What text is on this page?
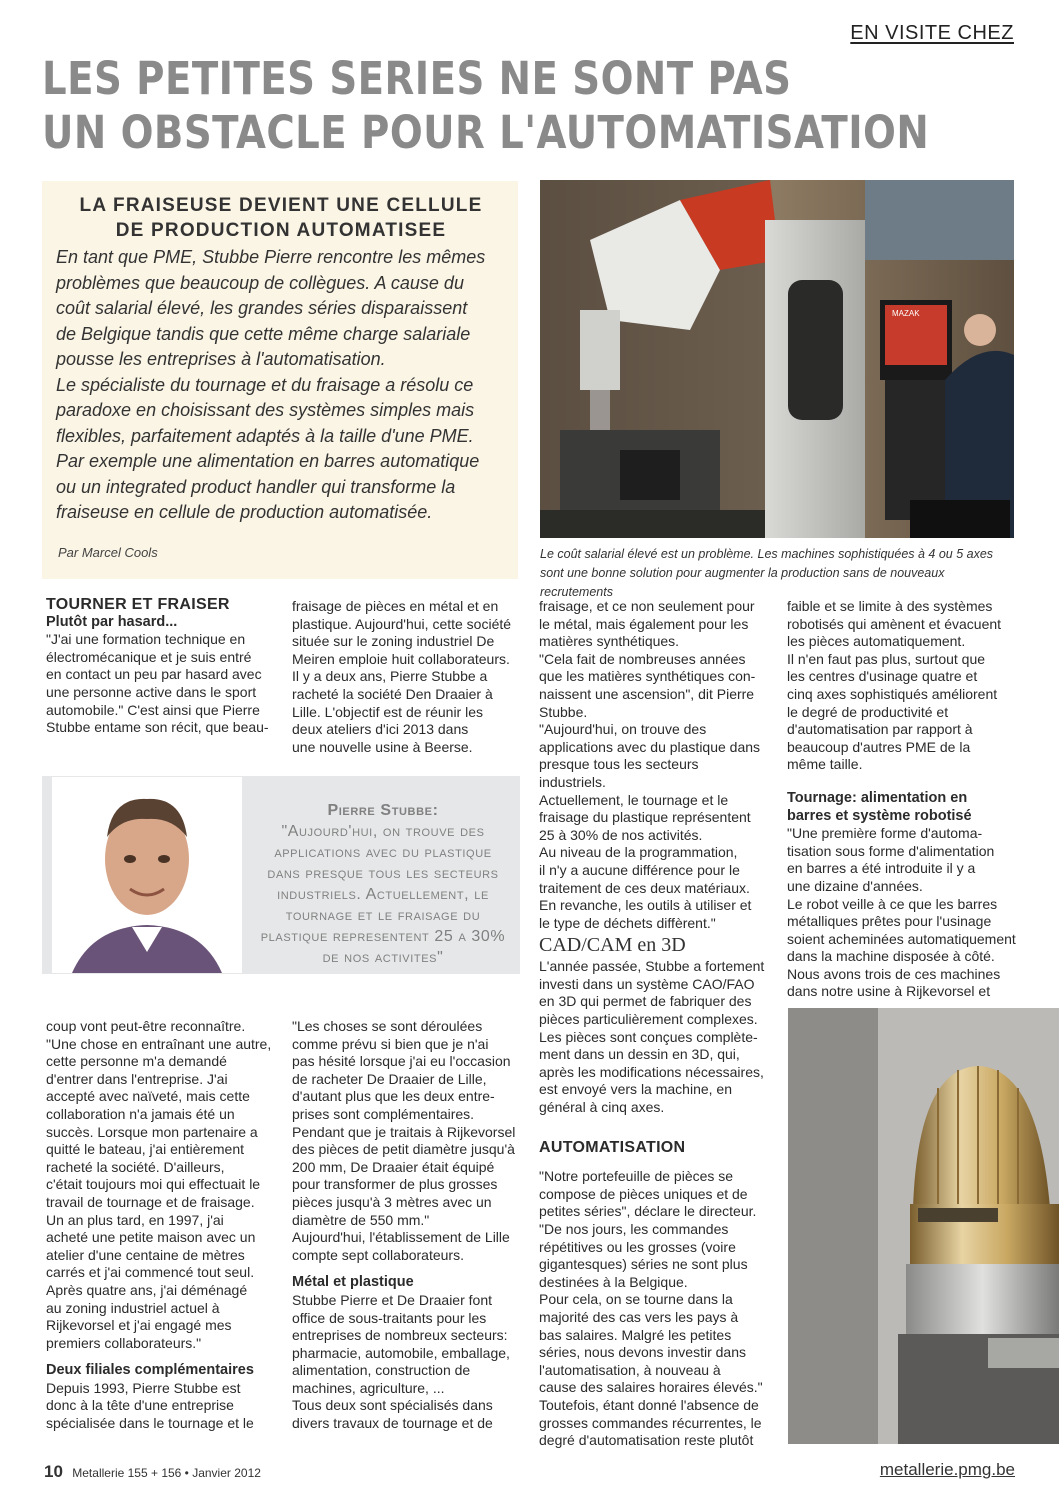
EN VISITE CHEZ
LES PETITES SERIES NE SONT PAS
UN OBSTACLE POUR L'AUTOMATISATION

LA FRAISEUSE DEVIENT UNE CELLULE
DE PRODUCTION AUTOMATISEE

En tant que PME, Stubbe Pierre rencontre les mêmes
problèmes que beaucoup de collègues. A cause du
coût salarial élevé, les grandes séries disparaissent
de Belgique tandis que cette même charge salariale
pousse les entreprises à l'automatisation.
Le spécialiste du tournage et du fraisage a résolu ce
paradoxe en choisissant des systèmes simples mais
flexibles, parfaitement adaptés à la taille d'une PME.
Par exemple une alimentation en barres automatique
ou un integrated product handler qui transforme la
fraiseuse en cellule de production automatisée.

Par Marcel Cools
MAZAK
Le coût salarial élevé est un problème. Les machines sophistiquées à 4 ou 5 axes sont une bonne solution pour augmenter la production sans de nouveaux recrutements

TOURNER ET FRAISER

Plutôt par hasard...

"J'ai une formation technique en
électromécanique et je suis entré
en contact un peu par hasard avec
une personne active dans le sport
automobile." C'est ainsi que Pierre
Stubbe entame son récit, que beau-

fraisage de pièces en métal et en
plastique. Aujourd'hui, cette société
située sur le zoning industriel De
Meiren emploie huit collaborateurs.
Il y a deux ans, Pierre Stubbe a
racheté la société Den Draaier à
Lille. L'objectif est de réunir les
deux ateliers d'ici 2013 dans
une nouvelle usine à Beerse.

Pierre Stubbe:
"Aujourd'hui, on trouve des applications avec du plastique dans presque tous les secteurs industriels. Actuellement, le tournage et le fraisage du plastique representent 25 a 30% de nos activites"

coup vont peut-être reconnaître.
"Une chose en entraînant une autre,
cette personne m'a demandé
d'entrer dans l'entreprise. J'ai
accepté avec naïveté, mais cette
collaboration n'a jamais été un
succès. Lorsque mon partenaire a
quitté le bateau, j'ai entièrement
racheté la société. D'ailleurs,
c'était toujours moi qui effectuait le
travail de tournage et de fraisage.
Un an plus tard, en 1997, j'ai
acheté une petite maison avec un
atelier d'une centaine de mètres
carrés et j'ai commencé tout seul.
Après quatre ans, j'ai déménagé
au zoning industriel actuel à
Rijkevorsel et j'ai engagé mes
premiers collaborateurs."

Deux filiales complémentaires

Depuis 1993, Pierre Stubbe est
donc à la tête d'une entreprise
spécialisée dans le tournage et le

"Les choses se sont déroulées
comme prévu si bien que je n'ai
pas hésité lorsque j'ai eu l'occasion
de racheter De Draaier de Lille,
d'autant plus que les deux entre-
prises sont complémentaires.
Pendant que je traitais à Rijkevorsel
des pièces de petit diamètre jusqu'à
200 mm, De Draaier était équipé
pour transformer de plus grosses
pièces jusqu'à 3 mètres avec un
diamètre de 550 mm."
Aujourd'hui, l'établissement de Lille
compte sept collaborateurs.

Métal et plastique

Stubbe Pierre et De Draaier font
office de sous-traitants pour les
entreprises de nombreux secteurs:
pharmacie, automobile, emballage,
alimentation, construction de
machines, agriculture, ...
Tous deux sont spécialisés dans
divers travaux de tournage et de

fraisage, et ce non seulement pour
le métal, mais également pour les
matières synthétiques.
"Cela fait de nombreuses années
que les matières synthétiques con-
naissent une ascension", dit Pierre
Stubbe.
"Aujourd'hui, on trouve des
applications avec du plastique dans
presque tous les secteurs industriels.
Actuellement, le tournage et le
fraisage du plastique représentent
25 à 30% de nos activités.
Au niveau de la programmation,
il n'y a aucune différence pour le
traitement de ces deux matériaux.
En revanche, les outils à utiliser et
le type de déchets diffèrent."

CAD/CAM en 3D

L'année passée, Stubbe a fortement
investi dans un système CAO/FAO
en 3D qui permet de fabriquer des
pièces particulièrement complexes.
Les pièces sont conçues complète-
ment dans un dessin en 3D, qui,
après les modifications nécessaires,
est envoyé vers la machine, en
général à cinq axes.

AUTOMATISATION

"Notre portefeuille de pièces se
compose de pièces uniques et de
petites séries", déclare le directeur.
"De nos jours, les commandes
répétitives ou les grosses (voire
gigantesques) séries ne sont plus
destinées à la Belgique.
Pour cela, on se tourne dans la
majorité des cas vers les pays à
bas salaires. Malgré les petites
séries, nous devons investir dans
l'automatisation, à nouveau à
cause des salaires horaires élevés."
Toutefois, étant donné l'absence de
grosses commandes récurrentes, le
degré d'automatisation reste plutôt

faible et se limite à des systèmes
robotisés qui amènent et évacuent
les pièces automatiquement.
Il n'en faut pas plus, surtout que
les centres d'usinage quatre et
cinq axes sophistiqués améliorent
le degré de productivité et
d'automatisation par rapport à
beaucoup d'autres PME de la
même taille.

Tournage: alimentation en
barres et système robotisé

"Une première forme d'automa-
tisation sous forme d'alimentation
en barres a été introduite il y a
une dizaine d'années.
Le robot veille à ce que les barres
métalliques prêtes pour l'usinage
soient acheminées automatiquement
dans la machine disposée à côté.
Nous avons trois de ces machines
dans notre usine à Rijkevorsel et

10 Metallerie 155 + 156 • Janvier 2012	metallerie.pmg.be
